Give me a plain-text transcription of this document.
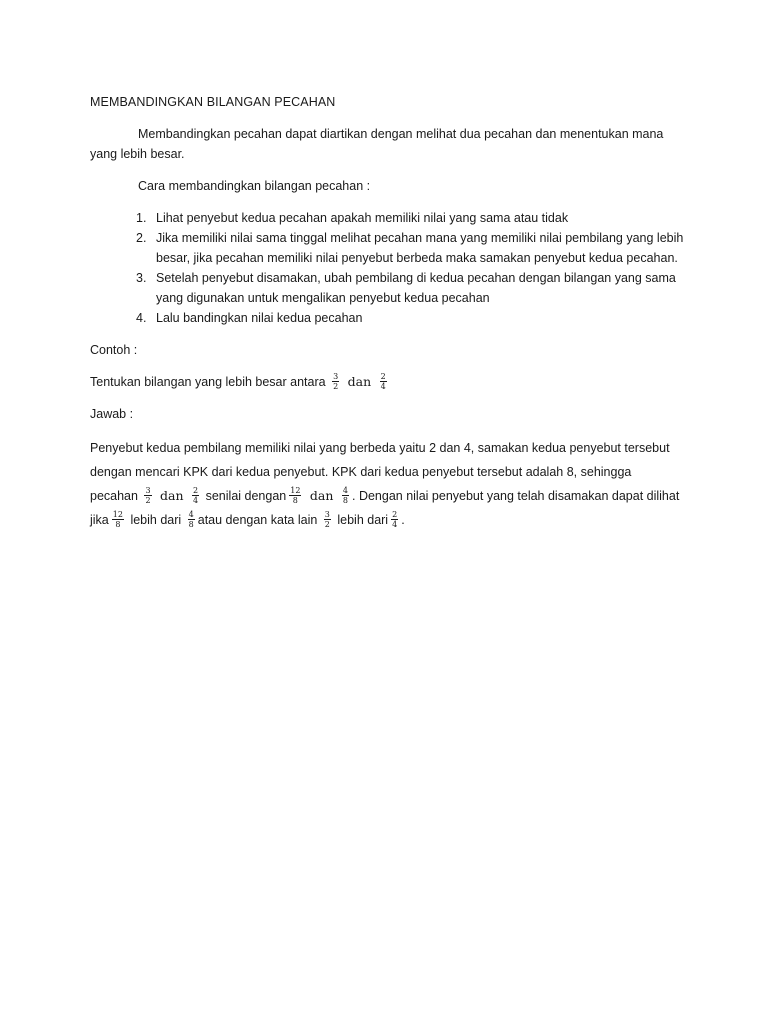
MEMBANDINGKAN BILANGAN PECAHAN

Membandingkan pecahan dapat diartikan dengan melihat dua pecahan dan menentukan mana yang lebih besar.

Cara membandingkan bilangan pecahan :

1. Lihat penyebut kedua pecahan apakah memiliki nilai yang sama atau tidak
2. Jika memiliki nilai sama tinggal melihat pecahan mana yang memiliki nilai pembilang yang lebih besar, jika pecahan memiliki nilai penyebut berbeda maka samakan penyebut kedua pecahan.
3. Setelah penyebut disamakan, ubah pembilang di kedua pecahan dengan bilangan yang sama yang digunakan untuk mengalikan penyebut kedua pecahan
4. Lalu bandingkan nilai kedua pecahan

Contoh :

Tentukan bilangan yang lebih besar antara $\frac{3}{2}$ dan $\frac{2}{4}$

Jawab :

Penyebut kedua pembilang memiliki nilai yang berbeda yaitu 2 dan 4, samakan kedua penyebut tersebut
dengan mencari KPK dari kedua penyebut. KPK dari kedua penyebut tersebut adalah 8, sehingga
pecahan $\frac{3}{2}$ dan $\frac{2}{4}$ senilai dengan $\frac{12}{8}$ dan $\frac{4}{8}$ . Dengan nilai penyebut yang telah disamakan dapat dilihat
jika $\frac{12}{8}$ lebih dari $\frac{4}{8}$ atau dengan kata lain $\frac{3}{2}$ lebih dari $\frac{2}{4}$ .
